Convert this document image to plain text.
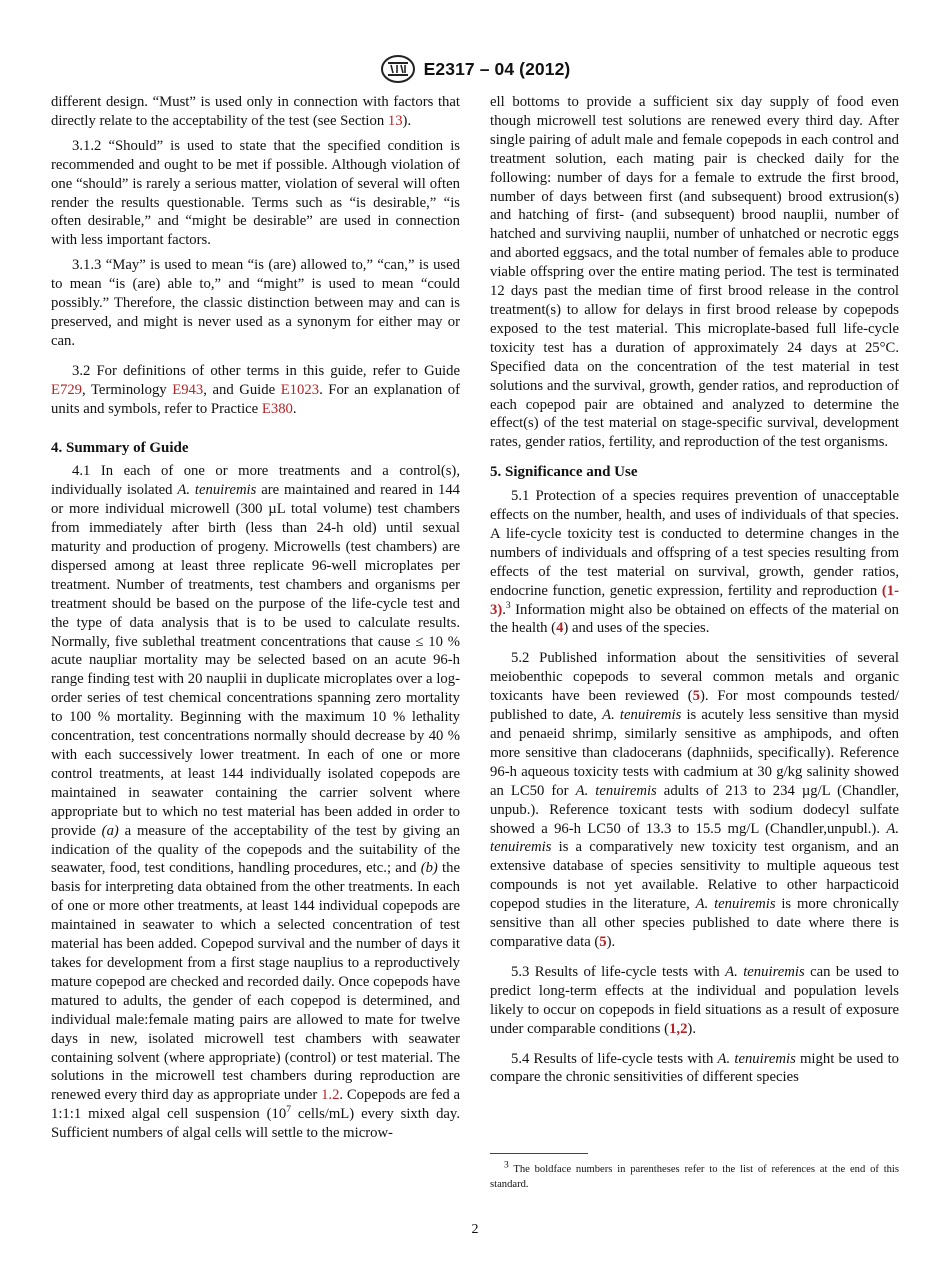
E2317 – 04 (2012)

different design. “Must” is used only in connection with factors that directly relate to the acceptability of the test (see Section 13).

3.1.2 “Should” is used to state that the specified condition is recommended and ought to be met if possible. Although violation of one “should” is rarely a serious matter, violation of several will often render the results questionable. Terms such as “is desirable,” “is often desirable,” and “might be desirable” are used in connection with less important factors.

3.1.3 “May” is used to mean “is (are) allowed to,” “can,” is used to mean “is (are) able to,” and “might” is used to mean “could possibly.” Therefore, the classic distinction between may and can is preserved, and might is never used as a synonym for either may or can.

3.2 For definitions of other terms in this guide, refer to Guide E729, Terminology E943, and Guide E1023. For an explanation of units and symbols, refer to Practice E380.

4. Summary of Guide

4.1 In each of one or more treatments and a control(s), individually isolated A. tenuiremis are maintained and reared in 144 or more individual microwell (300 µL total volume) test chambers from immediately after birth (less than 24-h old) until sexual maturity and production of progeny. Microwells (test chambers) are dispersed among at least three replicate 96-well microplates per treatment. Number of treatments, test chambers and organisms per treatment should be based on the purpose of the life-cycle test and the type of data analysis that is to be used to calculate results. Normally, five sublethal treatment concentrations that cause ≤ 10 % acute naupliar mortality may be selected based on an acute 96-h range finding test with 20 nauplii in duplicate microplates over a log-order series of test chemical concentrations spanning zero mortality to 100 % mortality. Beginning with the maximum 10 % lethality concentration, test concentrations normally should decrease by 40 % with each successively lower treatment. In each of one or more control treatments, at least 144 individually isolated copepods are maintained in seawater containing the carrier solvent where appropriate but to which no test material has been added in order to provide (a) a measure of the acceptability of the test by giving an indication of the quality of the copepods and the suitability of the seawater, food, test conditions, handling procedures, etc.; and (b) the basis for interpreting data obtained from the other treatments. In each of one or more other treatments, at least 144 individual copepods are maintained in seawater to which a selected concentration of test material has been added. Copepod survival and the number of days it takes for development from a first stage nauplius to a reproductively mature copepod are checked and recorded daily. Once copepods have matured to adults, the gender of each copepod is determined, and individual male:female mating pairs are allowed to mate for twelve days in new, isolated microwell test chambers with seawater containing solvent (where appropriate) (control) or test material. The solutions in the microwell test chambers during reproduction are renewed every third day as appropriate under 1.2. Copepods are fed a 1:1:1 mixed algal cell suspension ($10^7$ cells/mL) every sixth day. Sufficient numbers of algal cells will settle to the microw-

ell bottoms to provide a sufficient six day supply of food even though microwell test solutions are renewed every third day. After single pairing of adult male and female copepods in each control and treatment solution, each mating pair is checked daily for the following: number of days for a female to extrude the first brood, number of days between first (and subsequent) brood extrusion(s) and hatching of first- (and subsequent) brood nauplii, number of hatched and surviving nauplii, number of unhatched or necrotic eggs and aborted eggsacs, and the total number of females able to produce viable offspring over the entire mating period. The test is terminated 12 days past the median time of first brood release in the control treatment(s) to allow for delays in first brood release by copepods exposed to the test material. This microplate-based full life-cycle toxicity test has a duration of approximately 24 days at 25°C. Specified data on the concentration of the test material in test solutions and the survival, growth, gender ratios, and reproduction of each copepod pair are obtained and analyzed to determine the effect(s) of the test material on stage-specific survival, development rates, gender ratios, fertility, and reproduction of the test organisms.

5. Significance and Use

5.1 Protection of a species requires prevention of unacceptable effects on the number, health, and uses of individuals of that species. A life-cycle toxicity test is conducted to determine changes in the numbers of individuals and offspring of a test species resulting from effects of the test material on survival, growth, gender ratios, endocrine function, genetic expression, fertility and reproduction (1-3).$^3$ Information might also be obtained on effects of the material on the health (4) and uses of the species.

5.2 Published information about the sensitivities of several meiobenthic copepods to several common metals and organic toxicants have been reviewed (5). For most compounds tested/ published to date, A. tenuiremis is acutely less sensitive than mysid and penaeid shrimp, similarly sensitive as amphipods, and often more sensitive than cladocerans (daphniids, specifically). Reference 96-h aqueous toxicity tests with cadmium at 30 g/kg salinity showed an LC50 for A. tenuiremis adults of 213 to 234 µg/L (Chandler, unpub.). Reference toxicant tests with sodium dodecyl sulfate showed a 96-h LC50 of 13.3 to 15.5 mg/L (Chandler,unpubl.). A. tenuiremis is a comparatively new toxicity test organism, and an extensive database of species sensitivity to multiple aqueous test compounds is not yet available. Relative to other harpacticoid copepod studies in the literature, A. tenuiremis is more chronically sensitive than all other species published to date where there is comparative data (5).

5.3 Results of life-cycle tests with A. tenuiremis can be used to predict long-term effects at the individual and population levels likely to occur on copepods in field situations as a result of exposure under comparable conditions (1,2).

5.4 Results of life-cycle tests with A. tenuiremis might be used to compare the chronic sensitivities of different species

$^3$ The boldface numbers in parentheses refer to the list of references at the end of this standard.
2
